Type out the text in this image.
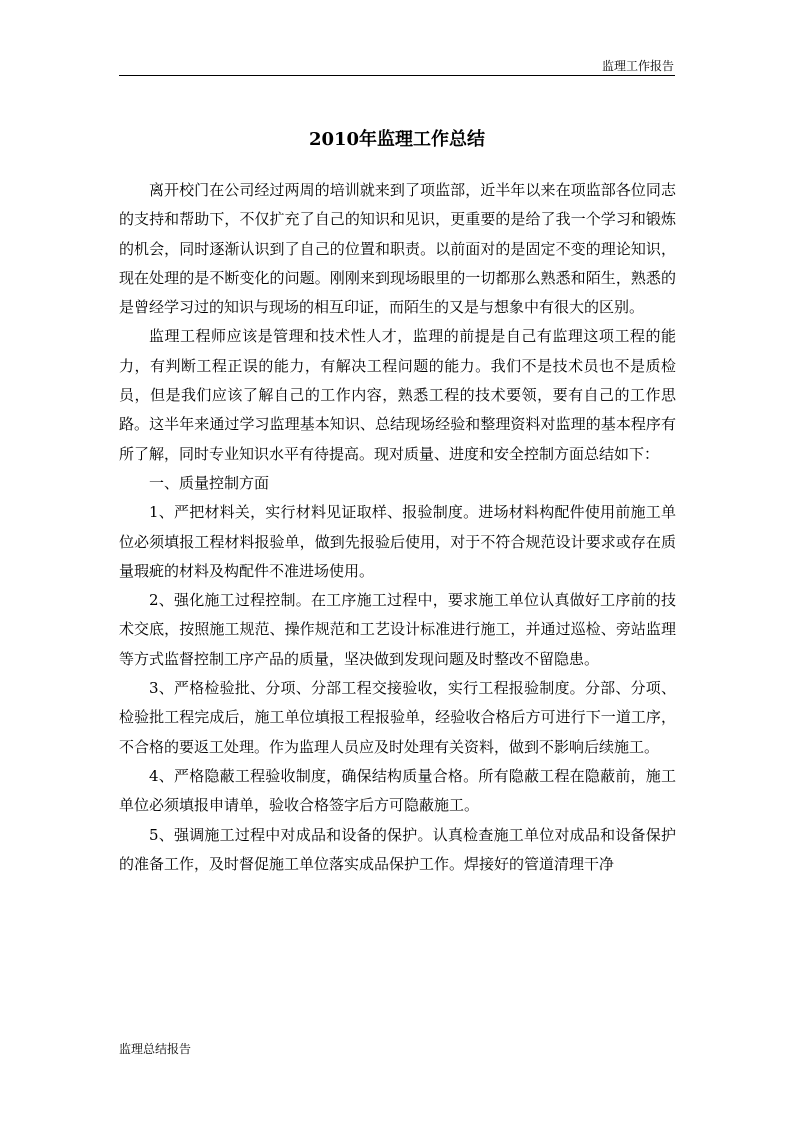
监理工作报告
2010年监理工作总结

离开校门在公司经过两周的培训就来到了项监部，近半年以来在项监部各位同志的支持和帮助下，不仅扩充了自己的知识和见识，更重要的是给了我一个学习和锻炼的机会，同时逐渐认识到了自己的位置和职责。以前面对的是固定不变的理论知识，现在处理的是不断变化的问题。刚刚来到现场眼里的一切都那么熟悉和陌生，熟悉的是曾经学习过的知识与现场的相互印证，而陌生的又是与想象中有很大的区别。

监理工程师应该是管理和技术性人才，监理的前提是自己有监理这项工程的能力，有判断工程正误的能力，有解决工程问题的能力。我们不是技术员也不是质检员，但是我们应该了解自己的工作内容，熟悉工程的技术要领，要有自己的工作思路。这半年来通过学习监理基本知识、总结现场经验和整理资料对监理的基本程序有所了解，同时专业知识水平有待提高。现对质量、进度和安全控制方面总结如下：

一、质量控制方面

1、严把材料关，实行材料见证取样、报验制度。进场材料构配件使用前施工单位必须填报工程材料报验单，做到先报验后使用，对于不符合规范设计要求或存在质量瑕疵的材料及构配件不准进场使用。

2、强化施工过程控制。在工序施工过程中，要求施工单位认真做好工序前的技术交底，按照施工规范、操作规范和工艺设计标准进行施工，并通过巡检、旁站监理等方式监督控制工序产品的质量，坚决做到发现问题及时整改不留隐患。

3、严格检验批、分项、分部工程交接验收，实行工程报验制度。分部、分项、检验批工程完成后，施工单位填报工程报验单，经验收合格后方可进行下一道工序，不合格的要返工处理。作为监理人员应及时处理有关资料，做到不影响后续施工。

4、严格隐蔽工程验收制度，确保结构质量合格。所有隐蔽工程在隐蔽前，施工单位必须填报申请单，验收合格签字后方可隐蔽施工。

5、强调施工过程中对成品和设备的保护。认真检查施工单位对成品和设备保护的准备工作，及时督促施工单位落实成品保护工作。焊接好的管道清理干净

监理总结报告
